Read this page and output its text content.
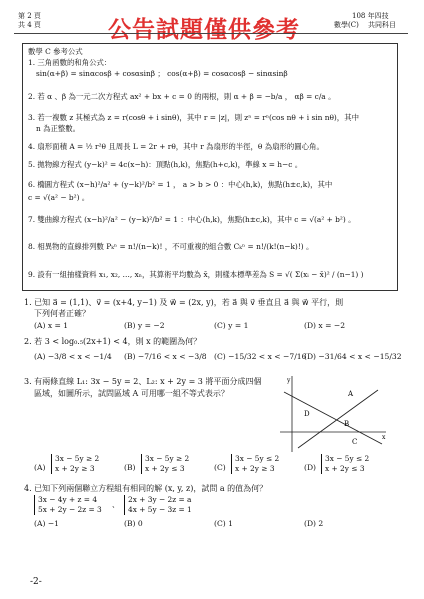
第 2 頁
共 4 頁	公告試題僅供參考
108 年四技
數學(C) 共同科目
數學 C 參考公式
1. 三角函數的和角公式：
sin(α+β) = sinαcosβ + cosαsinβ ； cos(α+β) = cosαcosβ − sinαsinβ
2. 若 α 、β 為一元二次方程式 ax² + bx + c = 0 的兩根，則 α + β = −b/a ， αβ = c/a 。
3. 若一複數 z 其極式為 z = r(cosθ + i sinθ)，其中 r = |z|，則 zⁿ = rⁿ(cos nθ + i sin nθ)，其中
n 為正整數。
4. 扇形面積 A = ½ r²θ 且周長 L = 2r + rθ，其中 r 為扇形的半徑，θ 為扇形的圓心角。
5. 拋物線方程式 (y−k)² = 4c(x−h)：頂點(h,k)，焦點(h+c,k)，準線 x = h−c 。
6. 橢圓方程式 (x−h)²/a² + (y−k)²/b² = 1 ， a > b > 0 ：中心(h,k)，焦點(h±c,k)，其中
c = √(a² − b²) 。
7. 雙曲線方程式 (x−h)²/a² − (y−k)²/b² = 1 ：中心(h,k)，焦點(h±c,k)，其中 c = √(a² + b²) 。
8. 相異物的直線排列數 Pₖⁿ = n!/(n−k)! ，不可重複的組合數 Cₖⁿ = n!/(k!(n−k)!) 。
9. 設有一組抽樣資料 x₁, x₂, …, xₙ，其算術平均數為 x̄，則樣本標準差為 S = √( Σ(xᵢ − x̄)² / (n−1) )
1. 已知 a⃗ = (1,1)、v⃗ = (x+4, y−1) 及 w⃗ = (2x, y)，若 a⃗ 與 v⃗ 垂直且 a⃗ 與 w⃗ 平行，則
下列何者正確？
(A) x = 1	(B) y = −2	(C) y = 1	(D) x = −2
2. 若 3 < log₀.₅(2x+1) < 4，則 x 的範圍為何？
(A) −3/8 < x < −1/4 (B) −7/16 < x < −3/8 (C) −15/32 < x < −7/16
(D) −31/64 < x < −15/32
3. 有兩條直線 L₁: 3x − 5y = 2、L₂: x + 2y = 3 將平面分成四個
區域，如圖所示，試問區域 A 可用哪一組不等式表示？
y
x
A
B
C
D
(A)
3x − 5y ≥ 2
x + 2y ≥ 3	(B)
3x − 5y ≥ 2
x + 2y ≤ 3	(C)
3x − 5y ≤ 2
x + 2y ≥ 3	(D)
3x − 5y ≤ 2
x + 2y ≤ 3
4. 已知下列兩個聯立方程組有相同的解 (x, y, z)，試問 a 的值為何？
3x − 4y + z = 4
5x + 2y − 2z = 3
、
2x + 3y − 2z = a
4x + 5y − 3z = 1
(A) −1	(B) 0	(C) 1	(D) 2
-2-
